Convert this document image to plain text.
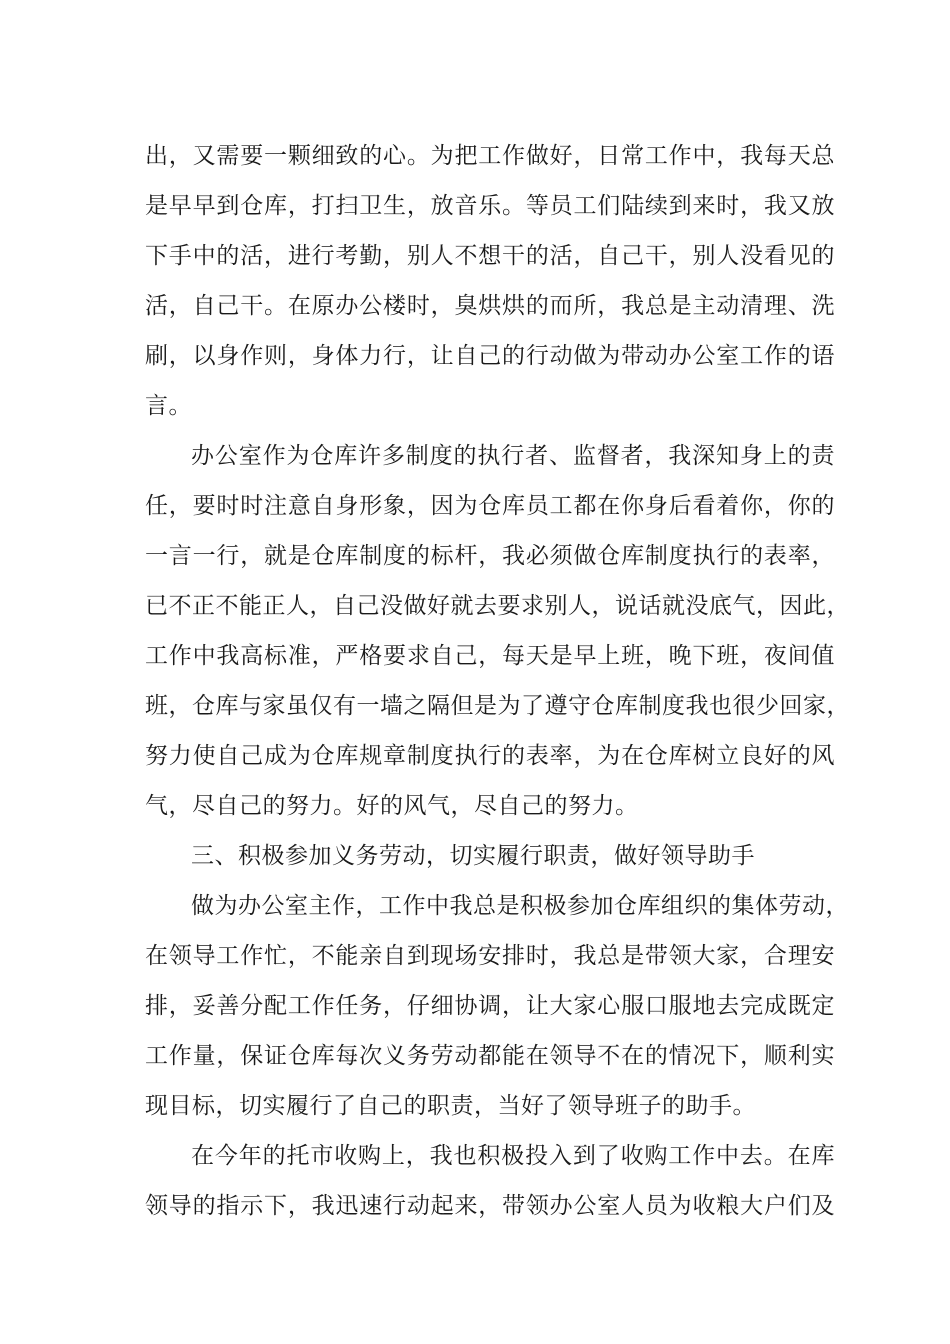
出，又需要一颗细致的心。为把工作做好，日常工作中，我每天总
是早早到仓库，打扫卫生，放音乐。等员工们陆续到来时，我又放
下手中的活，进行考勤，别人不想干的活，自己干，别人没看见的
活，自己干。在原办公楼时，臭烘烘的而所，我总是主动清理、洗
刷，以身作则，身体力行，让自己的行动做为带动办公室工作的语
言。
办公室作为仓库许多制度的执行者、监督者，我深知身上的责
任，要时时注意自身形象，因为仓库员工都在你身后看着你，你的
一言一行，就是仓库制度的标杆，我必须做仓库制度执行的表率，
已不正不能正人，自己没做好就去要求别人，说话就没底气，因此，
工作中我高标准，严格要求自己，每天是早上班，晚下班，夜间值
班，仓库与家虽仅有一墙之隔但是为了遵守仓库制度我也很少回家，
努力使自己成为仓库规章制度执行的表率，为在仓库树立良好的风
气，尽自己的努力。好的风气，尽自己的努力。
三、积极参加义务劳动，切实履行职责，做好领导助手
做为办公室主作，工作中我总是积极参加仓库组织的集体劳动，
在领导工作忙，不能亲自到现场安排时，我总是带领大家，合理安
排，妥善分配工作任务，仔细协调，让大家心服口服地去完成既定
工作量，保证仓库每次义务劳动都能在领导不在的情况下，顺利实
现目标，切实履行了自己的职责，当好了领导班子的助手。
在今年的托市收购上，我也积极投入到了收购工作中去。在库
领导的指示下，我迅速行动起来，带领办公室人员为收粮大户们及
